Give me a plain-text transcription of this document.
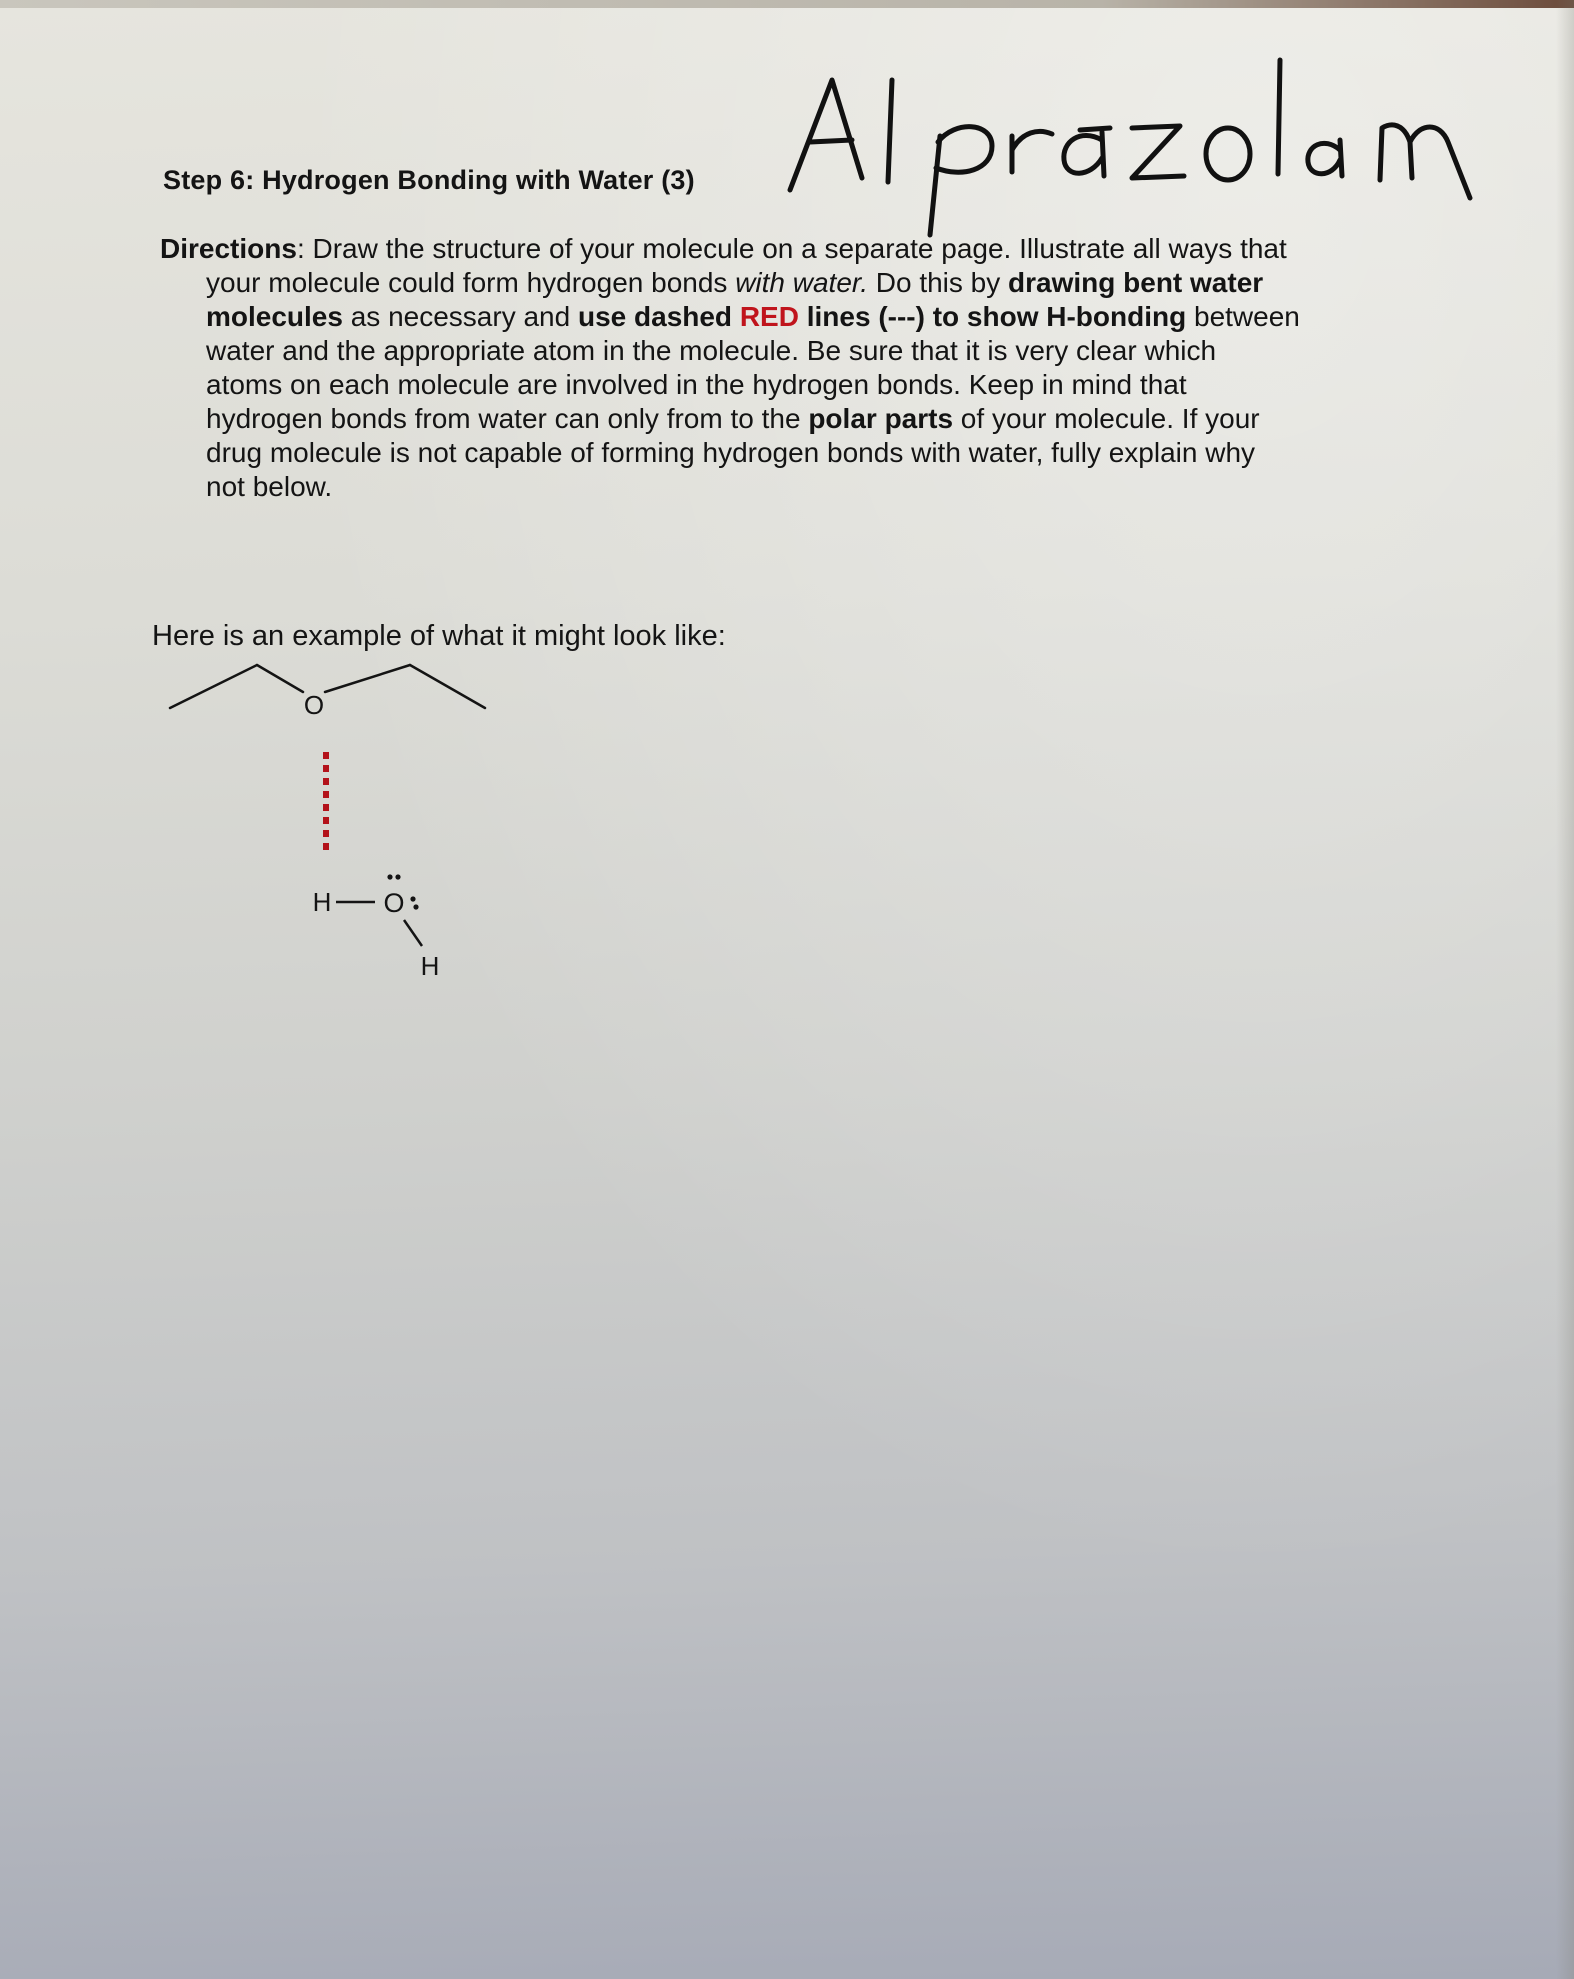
Step 6: Hydrogen Bonding with Water (3)
Directions: Draw the structure of your molecule on a separate page. Illustrate all ways that
your molecule could form hydrogen bonds with water. Do this by drawing bent water
molecules as necessary and use dashed RED lines (---) to show H-bonding between
water and the appropriate atom in the molecule. Be sure that it is very clear which
atoms on each molecule are involved in the hydrogen bonds. Keep in mind that
hydrogen bonds from water can only from to the polar parts of your molecule. If your
drug molecule is not capable of forming hydrogen bonds with water, fully explain why
not below.
Here is an example of what it might look like:
O
H O
H
